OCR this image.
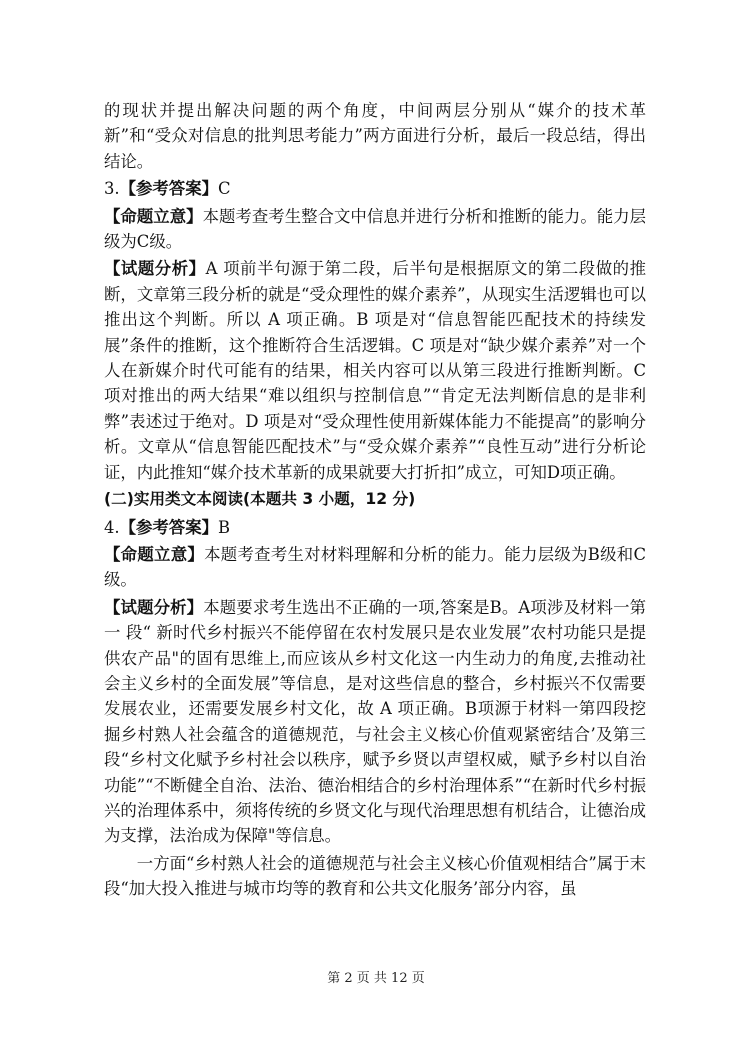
的现状并提出解决问题的两个角度，中间两层分别从“媒介的技术革新”和“受众对信息的批判思考能力”两方面进行分析，最后一段总结，得出结论。

3.【参考答案】C

【命题立意】本题考查考生整合文中信息并进行分析和推断的能力。能力层级为C级。

【试题分析】A 项前半句源于第二段，后半句是根据原文的第二段做的推断，文章第三段分析的就是“受众理性的媒介素养”，从现实生活逻辑也可以推出这个判断。所以 A 项正确。B 项是对“信息智能匹配技术的持续发展”条件的推断，这个推断符合生活逻辑。C 项是对“缺少媒介素养”对一个人在新媒介时代可能有的结果，相关内容可以从第三段进行推断判断。C 项对推出的两大结果“难以组织与控制信息”“肯定无法判断信息的是非利弊”表述过于绝对。D 项是对“受众理性使用新媒体能力不能提高”的影响分析。文章从“信息智能匹配技术”与“受众媒介素养”“良性互动”进行分析论证，内此推知“媒介技术革新的成果就要大打折扣”成立，可知D项正确。

(二)实用类文本阅读(本题共 3 小题，12 分)

4.【参考答案】B

【命题立意】本题考查考生对材料理解和分析的能力。能力层级为B级和C级。

【试题分析】本题要求考生选出不正确的一项,答案是B。A项涉及材料一第一 段“ 新时代乡村振兴不能停留在农村发展只是农业发展”农村功能只是提供农产品"的固有思维上,而应该从乡村文化这一内生动力的角度,去推动社会主义乡村的全面发展”等信息，是对这些信息的整合，乡村振兴不仅需要发展农业，还需要发展乡村文化，故 A 项正确。B项源于材料一第四段挖掘乡村熟人社会蕴含的道德规范，与社会主义核心价值观紧密结合’及第三段“乡村文化赋予乡村社会以秩序，赋予乡贤以声望权威，赋予乡村以自治功能”“不断健全自治、法治、德治相结合的乡村治理体系”“在新时代乡村振兴的治理体系中，须将传统的乡贤文化与现代治理思想有机结合，让德治成为支撑，法治成为保障"等信息。

一方面“乡村熟人社会的道德规范与社会主义核心价值观相结合”属于末段“加大投入推进与城市均等的教育和公共文化服务’部分内容，虽

第 2 页 共 12 页
